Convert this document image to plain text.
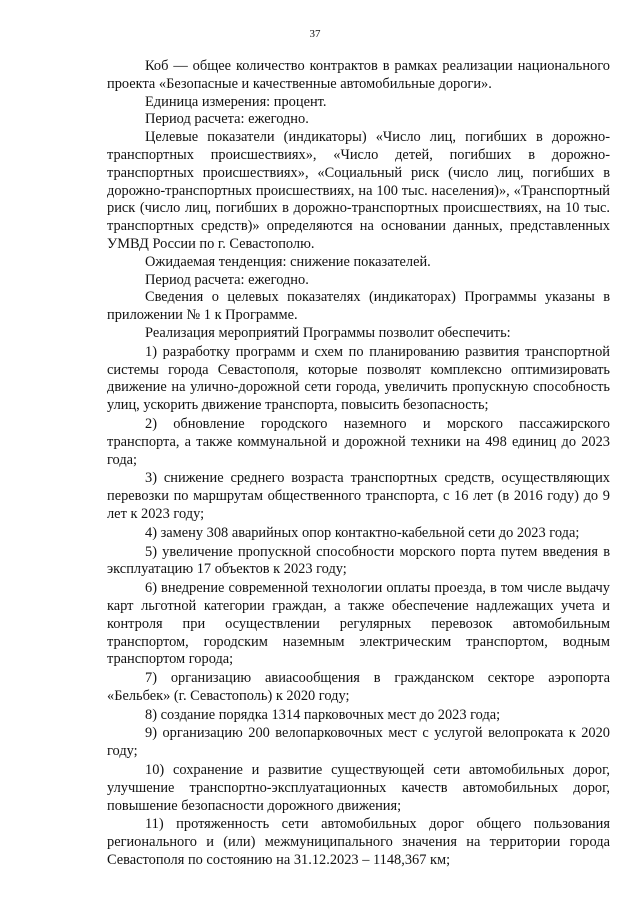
37

Коб — общее количество контрактов в рамках реализации национального проекта «Безопасные и качественные автомобильные дороги».

Единица измерения: процент.

Период расчета: ежегодно.

Целевые показатели (индикаторы) «Число лиц, погибших в дорожно-транспортных происшествиях», «Число детей, погибших в дорожно-транспортных происшествиях», «Социальный риск (число лиц, погибших в дорожно-транспортных происшествиях, на 100 тыс. населения)», «Транспортный риск (число лиц, погибших в дорожно-транспортных происшествиях, на 10 тыс. транспортных средств)» определяются на основании данных, представленных УМВД России по г. Севастополю.

Ожидаемая тенденция: снижение показателей.

Период расчета: ежегодно.

Сведения о целевых показателях (индикаторах) Программы указаны в приложении № 1 к Программе.

Реализация мероприятий Программы позволит обеспечить:

1) разработку программ и схем по планированию развития транспортной системы города Севастополя, которые позволят комплексно оптимизировать движение на улично-дорожной сети города, увеличить пропускную способность улиц, ускорить движение транспорта, повысить безопасность;

2) обновление городского наземного и морского пассажирского транспорта, а также коммунальной и дорожной техники на 498 единиц до 2023 года;

3) снижение среднего возраста транспортных средств, осуществляющих перевозки по маршрутам общественного транспорта, с 16 лет (в 2016 году) до 9 лет к 2023 году;

4) замену 308 аварийных опор контактно-кабельной сети до 2023 года;

5) увеличение пропускной способности морского порта путем введения в эксплуатацию 17 объектов к 2023 году;

6) внедрение современной технологии оплаты проезда, в том числе выдачу карт льготной категории граждан, а также обеспечение надлежащих учета и контроля при осуществлении регулярных перевозок автомобильным транспортом, городским наземным электрическим транспортом, водным транспортом города;

7) организацию авиасообщения в гражданском секторе аэропорта «Бельбек» (г. Севастополь) к 2020 году;

8) создание порядка 1314 парковочных мест до 2023 года;

9) организацию 200 велопарковочных мест с услугой велопроката к 2020 году;

10) сохранение и развитие существующей сети автомобильных дорог, улучшение транспортно-эксплуатационных качеств автомобильных дорог, повышение безопасности дорожного движения;

11) протяженность сети автомобильных дорог общего пользования регионального и (или) межмуниципального значения на территории города Севастополя по состоянию на 31.12.2023 – 1148,367 км;
